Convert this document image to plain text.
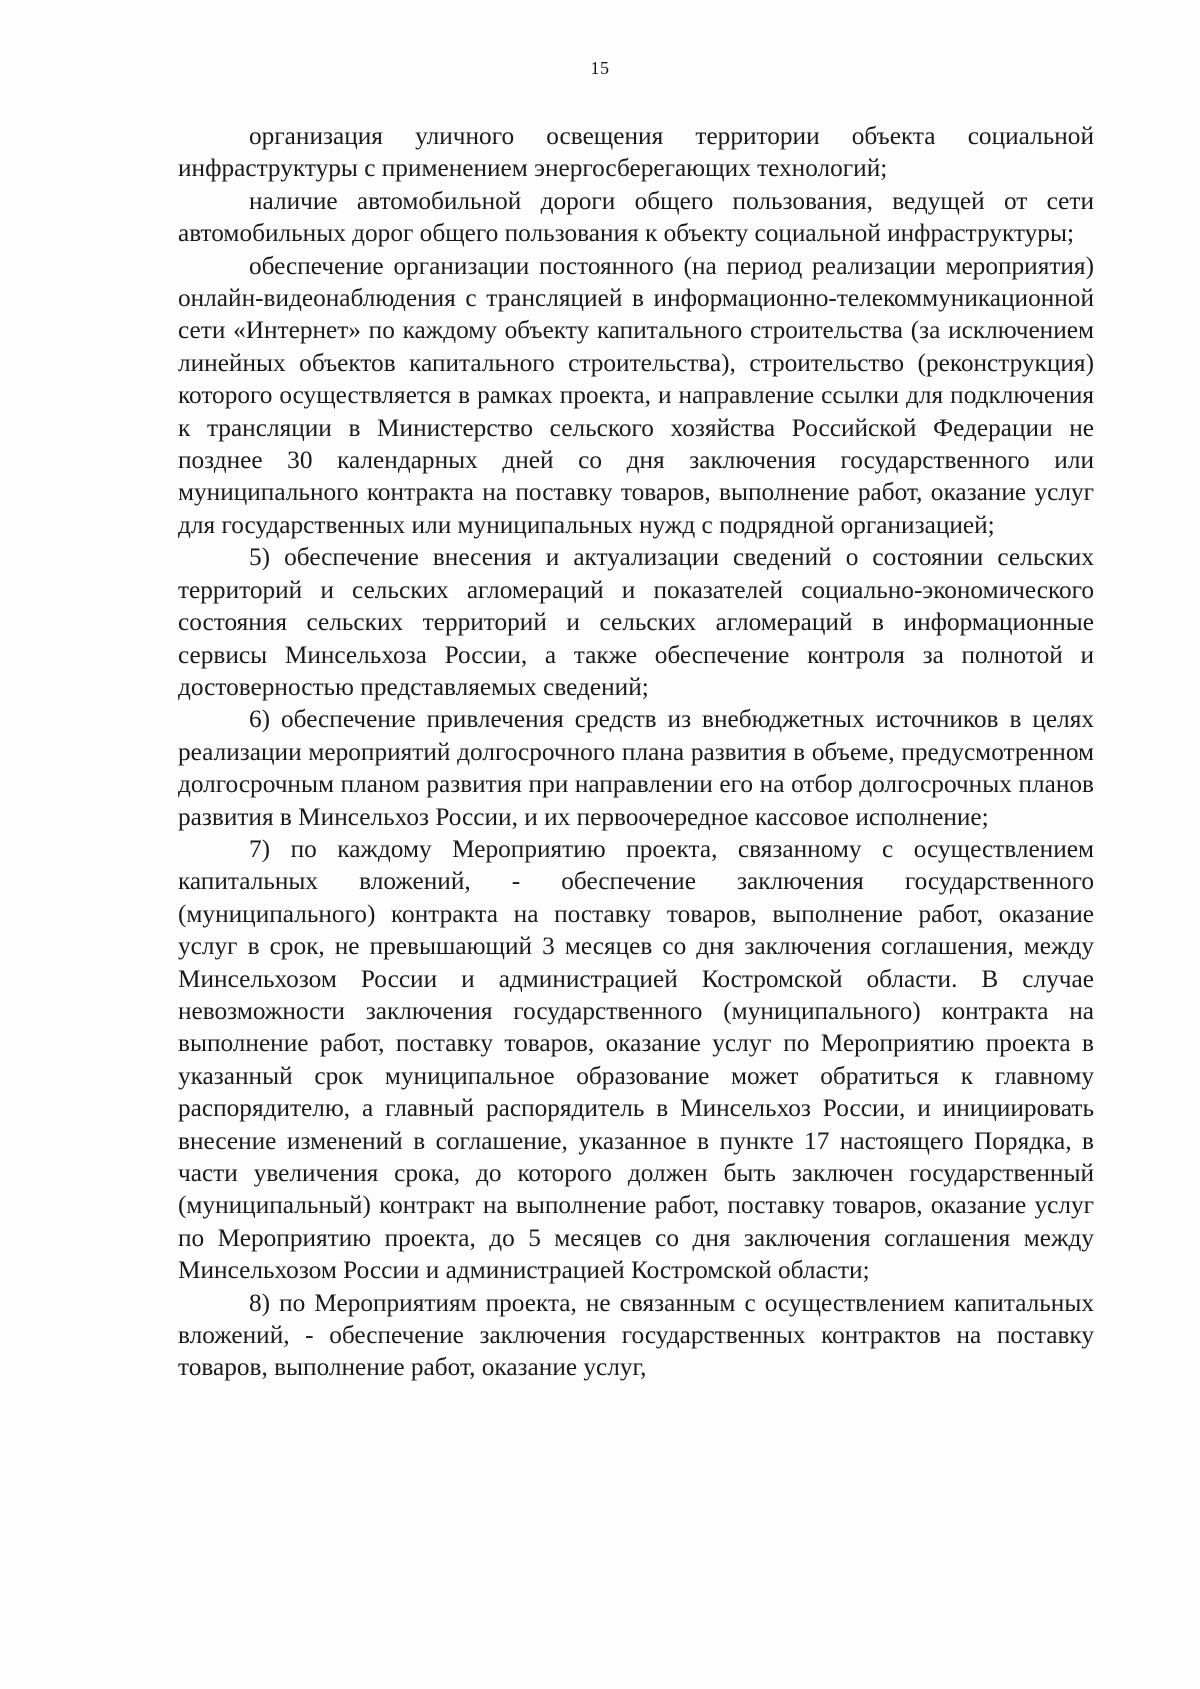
15

организация уличного освещения территории объекта социальной инфраструктуры с применением энергосберегающих технологий;

наличие автомобильной дороги общего пользования, ведущей от сети автомобильных дорог общего пользования к объекту социальной инфраструктуры;

обеспечение организации постоянного (на период реализации мероприятия) онлайн-видеонаблюдения с трансляцией в информационно-телекоммуникационной сети «Интернет» по каждому объекту капитального строительства (за исключением линейных объектов капитального строительства), строительство (реконструкция) которого осуществляется в рамках проекта, и направление ссылки для подключения к трансляции в Министерство сельского хозяйства Российской Федерации не позднее 30 календарных дней со дня заключения государственного или муниципального контракта на поставку товаров, выполнение работ, оказание услуг для государственных или муниципальных нужд с подрядной организацией;

5) обеспечение внесения и актуализации сведений о состоянии сельских территорий и сельских агломераций и показателей социально-экономического состояния сельских территорий и сельских агломераций в информационные сервисы Минсельхоза России, а также обеспечение контроля за полнотой и достоверностью представляемых сведений;

6) обеспечение привлечения средств из внебюджетных источников в целях реализации мероприятий долгосрочного плана развития в объеме, предусмотренном долгосрочным планом развития при направлении его на отбор долгосрочных планов развития в Минсельхоз России, и их первоочередное кассовое исполнение;

7) по каждому Мероприятию проекта, связанному с осуществлением капитальных вложений, - обеспечение заключения государственного (муниципального) контракта на поставку товаров, выполнение работ, оказание услуг в срок, не превышающий 3 месяцев со дня заключения соглашения, между Минсельхозом России и администрацией Костромской области. В случае невозможности заключения государственного (муниципального) контракта на выполнение работ, поставку товаров, оказание услуг по Мероприятию проекта в указанный срок муниципальное образование может обратиться к главному распорядителю, а главный распорядитель в Минсельхоз России, и инициировать внесение изменений в соглашение, указанное в пункте 17 настоящего Порядка, в части увеличения срока, до которого должен быть заключен государственный (муниципальный) контракт на выполнение работ, поставку товаров, оказание услуг по Мероприятию проекта, до 5 месяцев со дня заключения соглашения между Минсельхозом России и администрацией Костромской области;

8) по Мероприятиям проекта, не связанным с осуществлением капитальных вложений, - обеспечение заключения государственных контрактов на поставку товаров, выполнение работ, оказание услуг,
